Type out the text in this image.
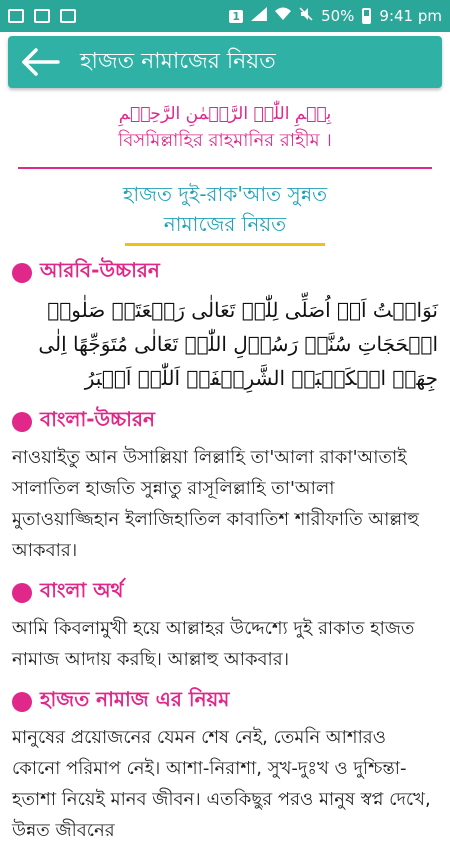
1	50% 9:41 pm
হাজত নামাজের নিয়ত
بِسۡمِ اللّٰہِ الرَّحۡمٰنِ الرَّحِیۡمِ
বিসমিল্লাহির রাহমানির রাহীম ।
হাজত দুই-রাক'আত সুন্নত
নামাজের নিয়ত
আরবি-উচ্চারন
نَوَایۡتُ اَنۡ اُصَلِّی لِلّٰہِ تَعَالٰی رَکۡعَتَیۡ صَلٰوۃِ الۡحَجَاتِ سُنَّۃُ رَسُوۡلِ اللّٰہِ تَعَالٰی مُتَوَجِّھًا اِلٰی جِھَۃِ الۡکَعۡبَۃِ الشَّرِیۡفَۃِ اَللّٰہُ اَکۡبَرُ
বাংলা-উচ্চারন
নাওয়াইতু আন উসাল্লিয়া লিল্লাহি তা'আলা রাকা'আতাই সালাতিল হাজতি সুন্নাতু রাসূলিল্লাহি তা'আলা মুতাওয়াজ্জিহান ইলাজিহাতিল কাবাতিশ শারীফাতি আল্লাহু আকবার।
বাংলা অর্থ
আমি কিবলামুখী হয়ে আল্লাহর উদ্দেশ্যে দুই রাকাত হাজত নামাজ আদায় করছি। আল্লাহু আকবার।
হাজত নামাজ এর নিয়ম
মানুষের প্রয়োজনের যেমন শেষ নেই, তেমনি আশারও কোনো পরিমাপ নেই। আশা-নিরাশা, সুখ-দুঃখ ও দুশ্চিন্তা-হতাশা নিয়েই মানব জীবন। এতকিছুর পরও মানুষ স্বপ্ন দেখে, উন্নত জীবনের
